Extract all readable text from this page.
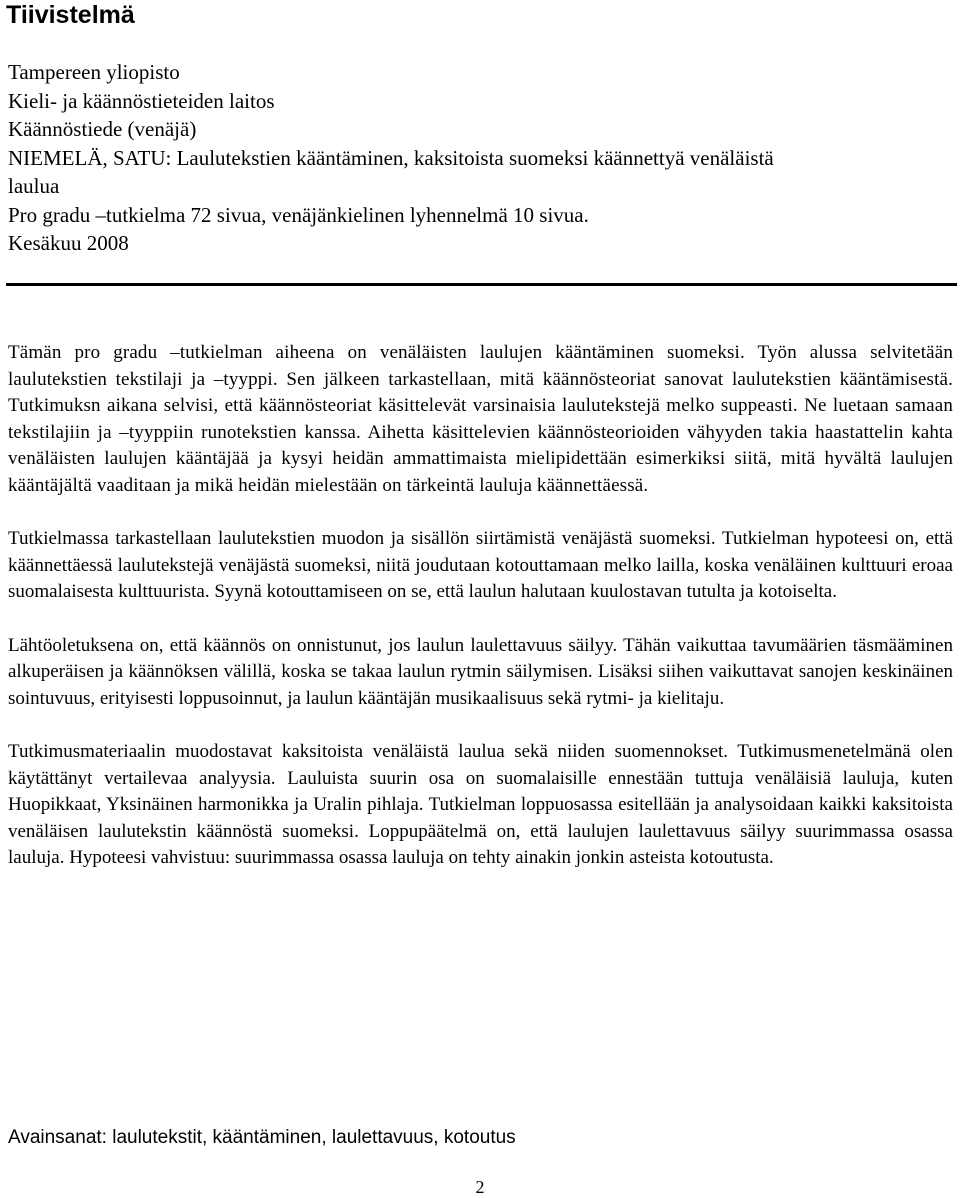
Tiivistelmä
Tampereen yliopisto
Kieli- ja käännöstieteiden laitos
Käännöstiede (venäjä)
NIEMELÄ, SATU: Laulutekstien kääntäminen, kaksitoista suomeksi käännettyä venäläistä
laulua
Pro gradu –tutkielma 72 sivua, venäjänkielinen lyhennelmä 10 sivua.
Kesäkuu 2008

Tämän pro gradu –tutkielman aiheena on venäläisten laulujen kääntäminen suomeksi. Työn alussa selvitetään laulutekstien tekstilaji ja –tyyppi. Sen jälkeen tarkastellaan, mitä käännösteoriat sanovat laulutekstien kääntämisestä. Tutkimuksn aikana selvisi, että käännösteoriat käsittelevät varsinaisia laulutekstejä melko suppeasti. Ne luetaan samaan tekstilajiin ja –tyyppiin runotekstien kanssa. Aihetta käsittelevien käännösteorioiden vähyyden takia haastattelin kahta venäläisten laulujen kääntäjää ja kysyi heidän ammattimaista mielipidettään esimerkiksi siitä, mitä hyvältä laulujen kääntäjältä vaaditaan ja mikä heidän mielestään on tärkeintä lauluja käännettäessä.

Tutkielmassa tarkastellaan laulutekstien muodon ja sisällön siirtämistä venäjästä suomeksi. Tutkielman hypoteesi on, että käännettäessä laulutekstejä venäjästä suomeksi, niitä joudutaan kotouttamaan melko lailla, koska venäläinen kulttuuri eroaa suomalaisesta kulttuurista. Syynä kotouttamiseen on se, että laulun halutaan kuulostavan tutulta ja kotoiselta.

Lähtöoletuksena on, että käännös on onnistunut, jos laulun laulettavuus säilyy. Tähän vaikuttaa tavumäärien täsmääminen alkuperäisen ja käännöksen välillä, koska se takaa laulun rytmin säilymisen. Lisäksi siihen vaikuttavat sanojen keskinäinen sointuvuus, erityisesti loppusoinnut, ja laulun kääntäjän musikaalisuus sekä rytmi- ja kielitaju.

Tutkimusmateriaalin muodostavat kaksitoista venäläistä laulua sekä niiden suomennokset. Tutkimusmenetelmänä olen käytättänyt vertailevaa analyysia. Lauluista suurin osa on suomalaisille ennestään tuttuja venäläisiä lauluja, kuten Huopikkaat, Yksinäinen harmonikka ja Uralin pihlaja. Tutkielman loppuosassa esitellään ja analysoidaan kaikki kaksitoista venäläisen laulutekstin käännöstä suomeksi. Loppupäätelmä on, että laulujen laulettavuus säilyy suurimmassa osassa lauluja. Hypoteesi vahvistuu: suurimmassa osassa lauluja on tehty ainakin jonkin asteista kotoutusta.

Avainsanat: laulutekstit, kääntäminen, laulettavuus, kotoutus
2
